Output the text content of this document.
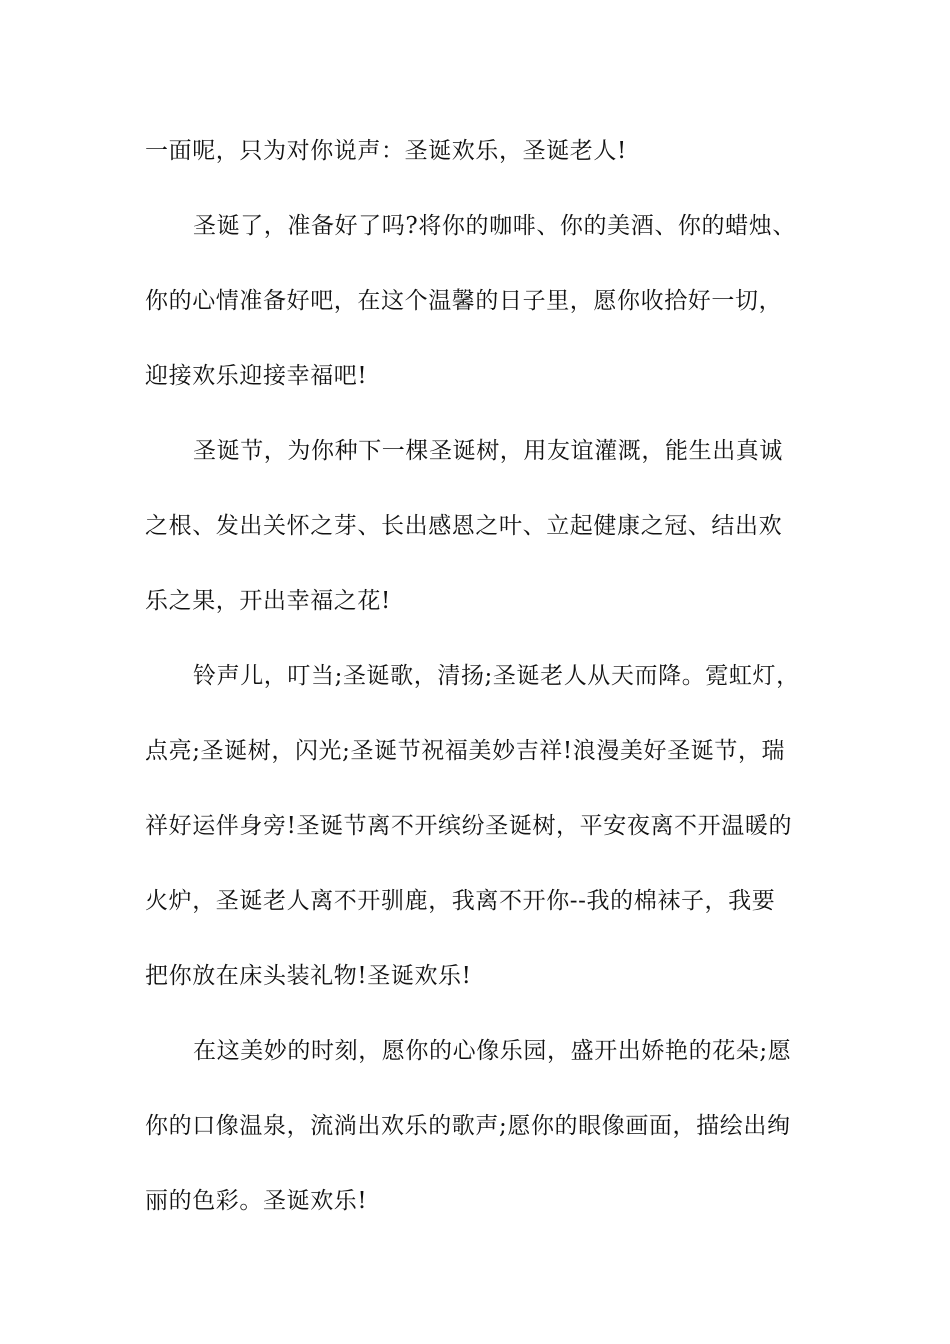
一面呢，只为对你说声：圣诞欢乐，圣诞老人!
圣诞了，准备好了吗?将你的咖啡、你的美酒、你的蜡烛、
你的心情准备好吧，在这个温馨的日子里，愿你收拾好一切，
迎接欢乐迎接幸福吧!
圣诞节，为你种下一棵圣诞树，用友谊灌溉，能生出真诚
之根、发出关怀之芽、长出感恩之叶、立起健康之冠、结出欢
乐之果，开出幸福之花!
铃声儿，叮当;圣诞歌，清扬;圣诞老人从天而降。霓虹灯，
点亮;圣诞树，闪光;圣诞节祝福美妙吉祥!浪漫美好圣诞节，瑞
祥好运伴身旁!圣诞节离不开缤纷圣诞树，平安夜离不开温暖的
火炉，圣诞老人离不开驯鹿，我离不开你--我的棉袜子，我要
把你放在床头装礼物!圣诞欢乐!
在这美妙的时刻，愿你的心像乐园，盛开出娇艳的花朵;愿
你的口像温泉，流淌出欢乐的歌声;愿你的眼像画面，描绘出绚
丽的色彩。圣诞欢乐!
